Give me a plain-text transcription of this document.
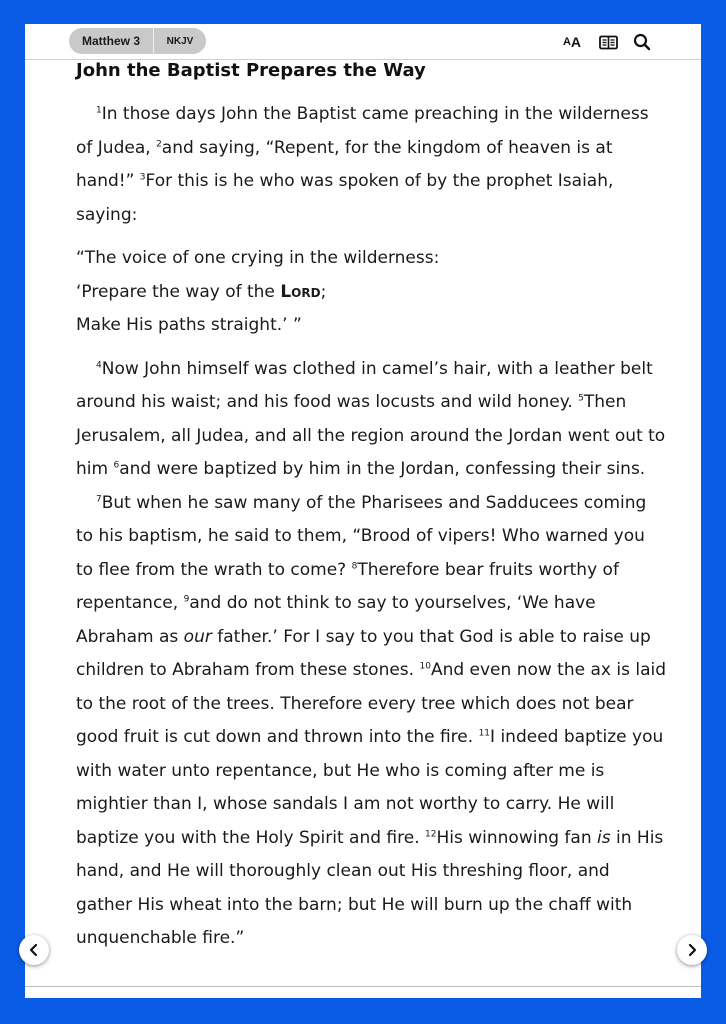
Matthew 3	NKJV	A A
John the Baptist Prepares the Way

$^1$In those days John the Baptist came preaching in the wilderness of Judea, $^2$and saying, “Repent, for the kingdom of heaven is at hand!” $^3$For this is he who was spoken of by the prophet Isaiah, saying:

“The voice of one crying in the wilderness:
‘Prepare the way of the Lord;
Make His paths straight.’ ”

$^4$Now John himself was clothed in camel’s hair, with a leather belt around his waist; and his food was locusts and wild honey. $^5$Then Jerusalem, all Judea, and all the region around the Jordan went out to him $^6$and were baptized by him in the Jordan, confessing their sins.

$^7$But when he saw many of the Pharisees and Sadducees coming to his baptism, he said to them, “Brood of vipers! Who warned you to flee from the wrath to come? $^8$Therefore bear fruits worthy of repentance, $^9$and do not think to say to yourselves, ‘We have Abraham as our father.’ For I say to you that God is able to raise up children to Abraham from these stones. $^{10}$And even now the ax is laid to the root of the trees. Therefore every tree which does not bear good fruit is cut down and thrown into the fire. $^{11}$I indeed baptize you with water unto repentance, but He who is coming after me is mightier than I, whose sandals I am not worthy to carry. He will baptize you with the Holy Spirit and fire. $^{12}$His winnowing fan is in His hand, and He will thoroughly clean out His threshing floor, and gather His wheat into the barn; but He will burn up the chaff with unquenchable fire.”
